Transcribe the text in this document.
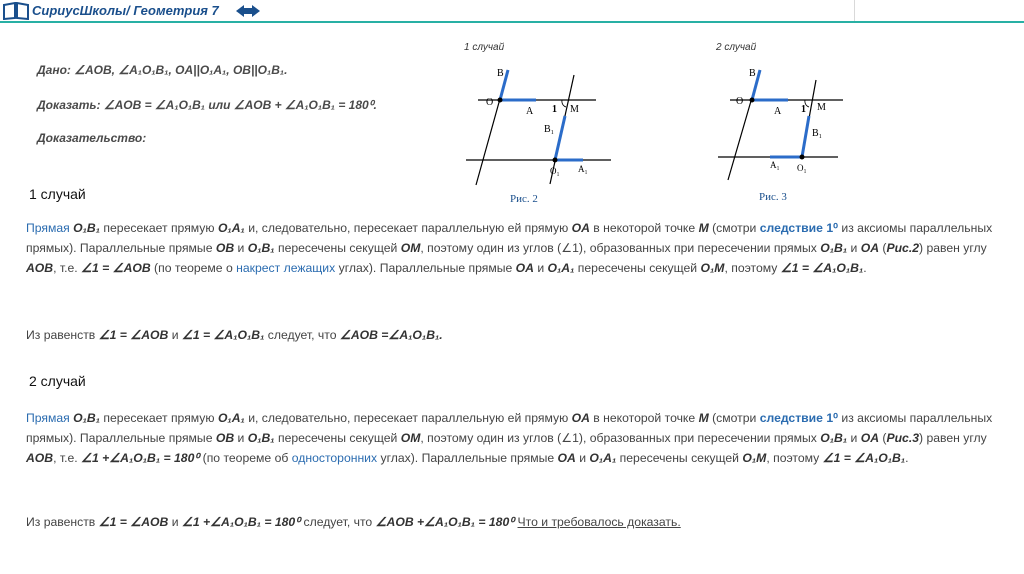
СириусШколы/ Геометрия 7
Дано: ∠AOB, ∠A₁O₁B₁, OA||O₁A₁, OB||O₁B₁.
Доказать: ∠AOB = ∠A₁O₁B₁ или ∠AOB + ∠A₁O₁B₁ = 180⁰.
Доказательство:
1 случай
B
O
A 1 M
B₁
O₁ A₁
Рис. 2
2 случай
B
O
A 1 M
B₁
O₁
A₁
Рис. 3
1 случай
Прямая O₁B₁ пересекает прямую O₁A₁ и, следовательно, пересекает параллельную ей прямую OA в некоторой точке M (смотри следствие 1⁰ из аксиомы параллельных прямых). Параллельные прямые OB и O₁B₁ пересечены секущей OM, поэтому один из углов (∠1), образованных при пересечении прямых O₁B₁ и OA (Рис.2) равен углу AOB, т.е. ∠1 = ∠AOB (по теореме о накрест лежащих углах). Параллельные прямые OA и O₁A₁ пересечены секущей O₁M, поэтому ∠1 = ∠A₁O₁B₁.
Из равенств ∠1 = ∠AOB и ∠1 = ∠A₁O₁B₁ следует, что ∠AOB =∠A₁O₁B₁.
2 случай
Прямая O₁B₁ пересекает прямую O₁A₁ и, следовательно, пересекает параллельную ей прямую OA в некоторой точке M (смотри следствие 1⁰ из аксиомы параллельных прямых). Параллельные прямые OB и O₁B₁ пересечены секущей OM, поэтому один из углов (∠1), образованных при пересечении прямых O₁B₁ и OA (Рис.3) равен углу AOB, т.е. ∠1 +∠A₁O₁B₁ = 180⁰ (по теореме об односторонних углах). Параллельные прямые OA и O₁A₁ пересечены секущей O₁M, поэтому ∠1 = ∠A₁O₁B₁.
Из равенств ∠1 = ∠AOB и ∠1 +∠A₁O₁B₁ = 180⁰ следует, что ∠AOB +∠A₁O₁B₁ = 180⁰ Что и требовалось доказать.
